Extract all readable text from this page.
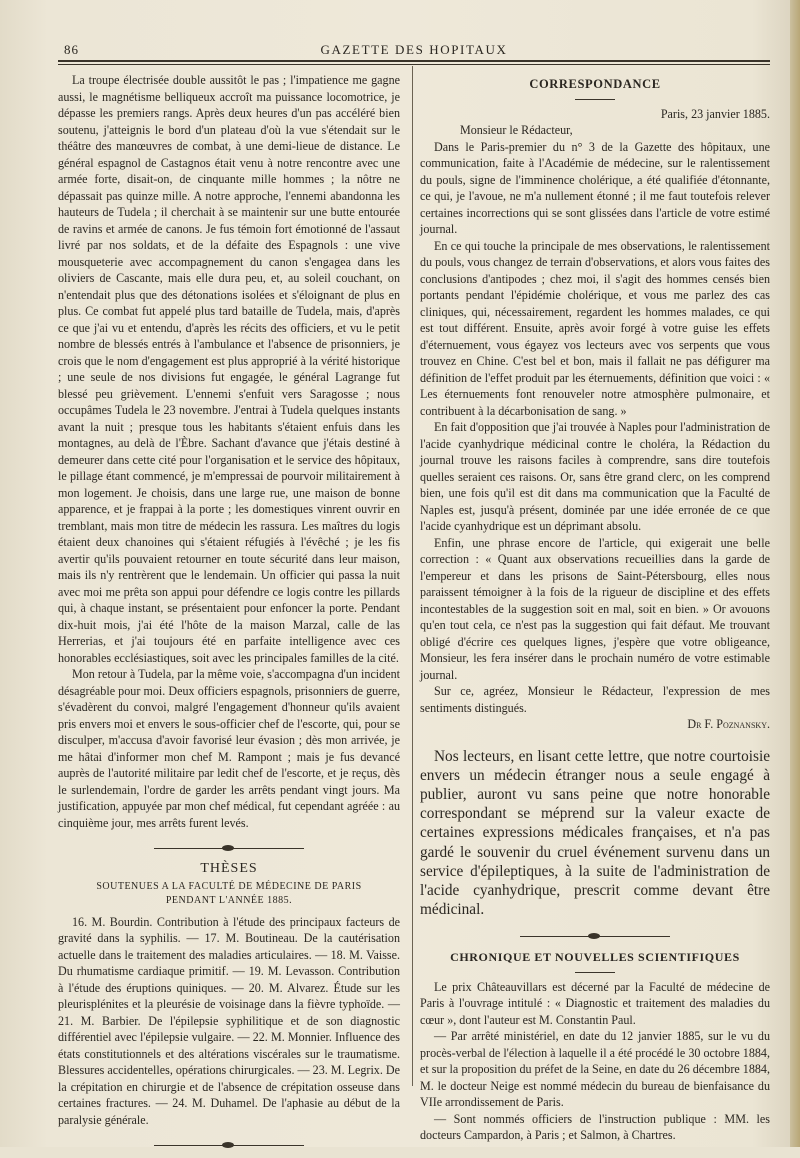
86	GAZETTE DES HOPITAUX

La troupe électrisée double aussitôt le pas ; l'impatience me gagne aussi, le magnétisme belliqueux accroît ma puissance locomotrice, je dépasse les premiers rangs. Après deux heures d'un pas accéléré bien soutenu, j'atteignis le bord d'un plateau d'où la vue s'étendait sur le théâtre des manœuvres de combat, à une demi-lieue de distance. Le général espagnol de Castagnos était venu à notre rencontre avec une armée forte, disait-on, de cinquante mille hommes ; la nôtre ne dépassait pas quinze mille. A notre approche, l'ennemi abandonna les hauteurs de Tudela ; il cherchait à se maintenir sur une butte entourée de ravins et armée de canons. Je fus témoin fort émotionné de l'assaut livré par nos soldats, et de la défaite des Espagnols : une vive mousqueterie avec accompagnement du canon s'engagea dans les oliviers de Cascante, mais elle dura peu, et, au soleil couchant, on n'entendait plus que des détonations isolées et s'éloignant de plus en plus. Ce combat fut appelé plus tard bataille de Tudela, mais, d'après ce que j'ai vu et entendu, d'après les récits des officiers, et vu le petit nombre de blessés entrés à l'ambulance et l'absence de prisonniers, je crois que le nom d'engagement est plus approprié à la vérité historique ; une seule de nos divisions fut engagée, le général Lagrange fut blessé peu grièvement. L'ennemi s'enfuit vers Saragosse ; nous occupâmes Tudela le 23 novembre. J'entrai à Tudela quelques instants avant la nuit ; presque tous les habitants s'étaient enfuis dans les montagnes, au delà de l'Èbre. Sachant d'avance que j'étais destiné à demeurer dans cette cité pour l'organisation et le service des hôpitaux, le pillage étant commencé, je m'empressai de pourvoir militairement à mon logement. Je choisis, dans une large rue, une maison de bonne apparence, et je frappai à la porte ; les domestiques vinrent ouvrir en tremblant, mais mon titre de médecin les rassura. Les maîtres du logis étaient deux chanoines qui s'étaient réfugiés à l'évêché ; je les fis avertir qu'ils pouvaient retourner en toute sécurité dans leur maison, mais ils n'y rentrèrent que le lendemain. Un officier qui passa la nuit avec moi me prêta son appui pour défendre ce logis contre les pillards qui, à chaque instant, se présentaient pour enfoncer la porte. Pendant dix-huit mois, j'ai été l'hôte de la maison Marzal, calle de las Herrerias, et j'ai toujours été en parfaite intelligence avec ces honorables ecclésiastiques, soit avec les principales familles de la cité.

Mon retour à Tudela, par la même voie, s'accompagna d'un incident désagréable pour moi. Deux officiers espagnols, prisonniers de guerre, s'évadèrent du convoi, malgré l'engagement d'honneur qu'ils avaient pris envers moi et envers le sous-officier chef de l'escorte, qui, pour se disculper, m'accusa d'avoir favorisé leur évasion ; dès mon arrivée, je me hâtai d'informer mon chef M. Rampont ; mais je fus devancé auprès de l'autorité militaire par ledit chef de l'escorte, et je reçus, dès le surlendemain, l'ordre de garder les arrêts pendant vingt jours. Ma justification, appuyée par mon chef médical, fut cependant agréée : au cinquième jour, mes arrêts furent levés.

THÈSES
SOUTENUES A LA FACULTÉ DE MÉDECINE DE PARIS
PENDANT L'ANNÉE 1885.

16. M. Bourdin. Contribution à l'étude des principaux facteurs de gravité dans la syphilis. — 17. M. Boutineau. De la cautérisation actuelle dans le traitement des maladies articulaires. — 18. M. Vaisse. Du rhumatisme cardiaque primitif. — 19. M. Levasson. Contribution à l'étude des éruptions quiniques. — 20. M. Alvarez. Étude sur les pleurisplénites et la pleurésie de voisinage dans la fièvre typhoïde. — 21. M. Barbier. De l'épilepsie syphilitique et de son diagnostic différentiel avec l'épilepsie vulgaire. — 22. M. Monnier. Influence des états constitutionnels et des altérations viscérales sur le traumatisme. Blessures accidentelles, opérations chirurgicales. — 23. M. Legrix. De la crépitation en chirurgie et de l'absence de crépitation osseuse dans certaines fractures. — 24. M. Duhamel. De l'aphasie au début de la paralysie générale.

CORRESPONDANCE

Paris, 23 janvier 1885.

Monsieur le Rédacteur,

Dans le Paris-premier du n° 3 de la Gazette des hôpitaux, une communication, faite à l'Académie de médecine, sur le ralentissement du pouls, signe de l'imminence cholérique, a été qualifiée d'étonnante, ce qui, je l'avoue, ne m'a nullement étonné ; il me faut toutefois relever certaines incorrections qui se sont glissées dans l'article de votre estimé journal.

En ce qui touche la principale de mes observations, le ralentissement du pouls, vous changez de terrain d'observations, et alors vous faites des conclusions d'antipodes ; chez moi, il s'agit des hommes censés bien portants pendant l'épidémie cholérique, et vous me parlez des cas cliniques, qui, nécessairement, regardent les hommes malades, ce qui est tout différent. Ensuite, après avoir forgé à votre guise les effets d'éternuement, vous égayez vos lecteurs avec vos serpents que vous trouvez en Chine. C'est bel et bon, mais il fallait ne pas défigurer ma définition de l'effet produit par les éternuements, définition que voici : « Les éternuements font renouveler notre atmosphère pulmonaire, et contribuent à la décarbonisation de sang. »

En fait d'opposition que j'ai trouvée à Naples pour l'administration de l'acide cyanhydrique médicinal contre le choléra, la Rédaction du journal trouve les raisons faciles à comprendre, sans dire toutefois quelles seraient ces raisons. Or, sans être grand clerc, on les comprend bien, une fois qu'il est dit dans ma communication que la Faculté de Naples est, jusqu'à présent, dominée par une idée erronée de ce que l'acide cyanhydrique est un déprimant absolu.

Enfin, une phrase encore de l'article, qui exigerait une belle correction : « Quant aux observations recueillies dans la garde de l'empereur et dans les prisons de Saint-Pétersbourg, elles nous paraissent témoigner à la fois de la rigueur de discipline et des effets incontestables de la suggestion soit en mal, soit en bien. » Or avouons qu'en tout cela, ce n'est pas la suggestion qui fait défaut. Me trouvant obligé d'écrire ces quelques lignes, j'espère que votre obligeance, Monsieur, les fera insérer dans le prochain numéro de votre estimable journal.

Sur ce, agréez, Monsieur le Rédacteur, l'expression de mes sentiments distingués.

Dr F. Poznansky.

Nos lecteurs, en lisant cette lettre, que notre courtoisie envers un médecin étranger nous a seule engagé à publier, auront vu sans peine que notre honorable correspondant se méprend sur la valeur exacte de certaines expressions médicales françaises, et n'a pas gardé le souvenir du cruel événement survenu dans un service d'épileptiques, à la suite de l'administration de l'acide cyanhydrique, prescrit comme devant être médicinal.

CHRONIQUE ET NOUVELLES SCIENTIFIQUES

Le prix Châteauvillars est décerné par la Faculté de médecine de Paris à l'ouvrage intitulé : « Diagnostic et traitement des maladies du cœur », dont l'auteur est M. Constantin Paul.

— Par arrêté ministériel, en date du 12 janvier 1885, sur le vu du procès-verbal de l'élection à laquelle il a été procédé le 30 octobre 1884, et sur la proposition du préfet de la Seine, en date du 26 décembre 1884, M. le docteur Neige est nommé médecin du bureau de bienfaisance du VIIe arrondissement de Paris.

— Sont nommés officiers de l'instruction publique : MM. les docteurs Campardon, à Paris ; et Salmon, à Chartres.
